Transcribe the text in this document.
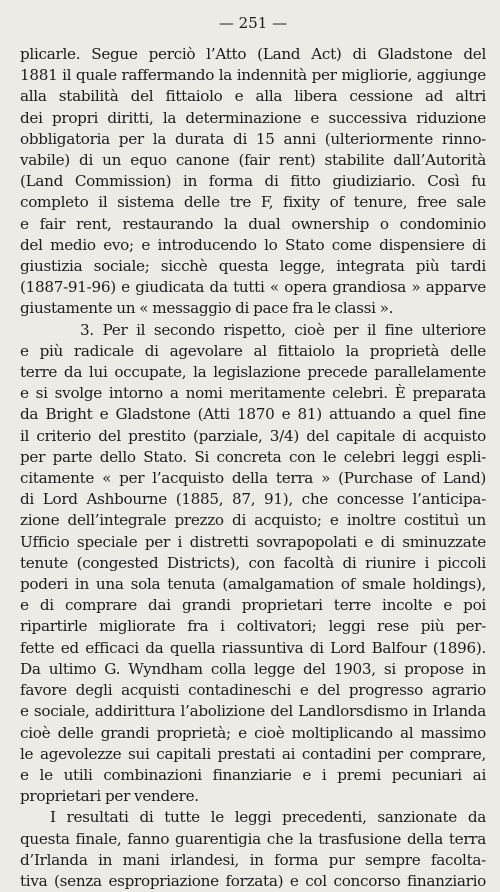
— 251 —
plicarle. Segue perciò l’Atto (Land Act) di Gladstone del
1881 il quale raffermando la indennità per migliorie, aggiunge
alla stabilità del fittaiolo e alla libera cessione ad altri
dei propri diritti, la determinazione e successiva riduzione
obbligatoria per la durata di 15 anni (ulteriormente rinno-
vabile) di un equo canone (fair rent) stabilite dall’Autorità
(Land Commission) in forma di fitto giudiziario. Così fu
completo il sistema delle tre F, fixity of tenure, free sale
e fair rent, restaurando la dual ownership o condominio
del medio evo; e introducendo lo Stato come dispensiere di
giustizia sociale; sicchè questa legge, integrata più tardi
(1887-91-96) e giudicata da tutti « opera grandiosa » apparve
giustamente un « messaggio di pace fra le classi ».
3. Per il secondo rispetto, cioè per il fine ulteriore
e più radicale di agevolare al fittaiolo la proprietà delle
terre da lui occupate, la legislazione precede parallelamente
e si svolge intorno a nomi meritamente celebri. È preparata
da Bright e Gladstone (Atti 1870 e 81) attuando a quel fine
il criterio del prestito (parziale, 3/4) del capitale di acquisto
per parte dello Stato. Si concreta con le celebri leggi espli-
citamente « per l’acquisto della terra » (Purchase of Land)
di Lord Ashbourne (1885, 87, 91), che concesse l’anticipa-
zione dell’integrale prezzo di acquisto; e inoltre costituì un
Ufficio speciale per i distretti sovrapopolati e di sminuzzate
tenute (congested Districts), con facoltà di riunire i piccoli
poderi in una sola tenuta (amalgamation of smale holdings),
e di comprare dai grandi proprietari terre incolte e poi
ripartirle migliorate fra i coltivatori; leggi rese più per-
fette ed efficaci da quella riassuntiva di Lord Balfour (1896).
Da ultimo G. Wyndham colla legge del 1903, si propose in
favore degli acquisti contadineschi e del progresso agrario
e sociale, addirittura l’abolizione del Landlorsdismo in Irlanda
cioè delle grandi proprietà; e cioè moltiplicando al massimo
le agevolezze sui capitali prestati ai contadini per comprare,
e le utili combinazioni finanziarie e i premi pecuniari ai
proprietari per vendere.
I resultati di tutte le leggi precedenti, sanzionate da
questa finale, fanno guarentigia che la trasfusione della terra
d’Irlanda in mani irlandesi, in forma pur sempre facolta-
tiva (senza espropriazione forzata) e col concorso finanziario
